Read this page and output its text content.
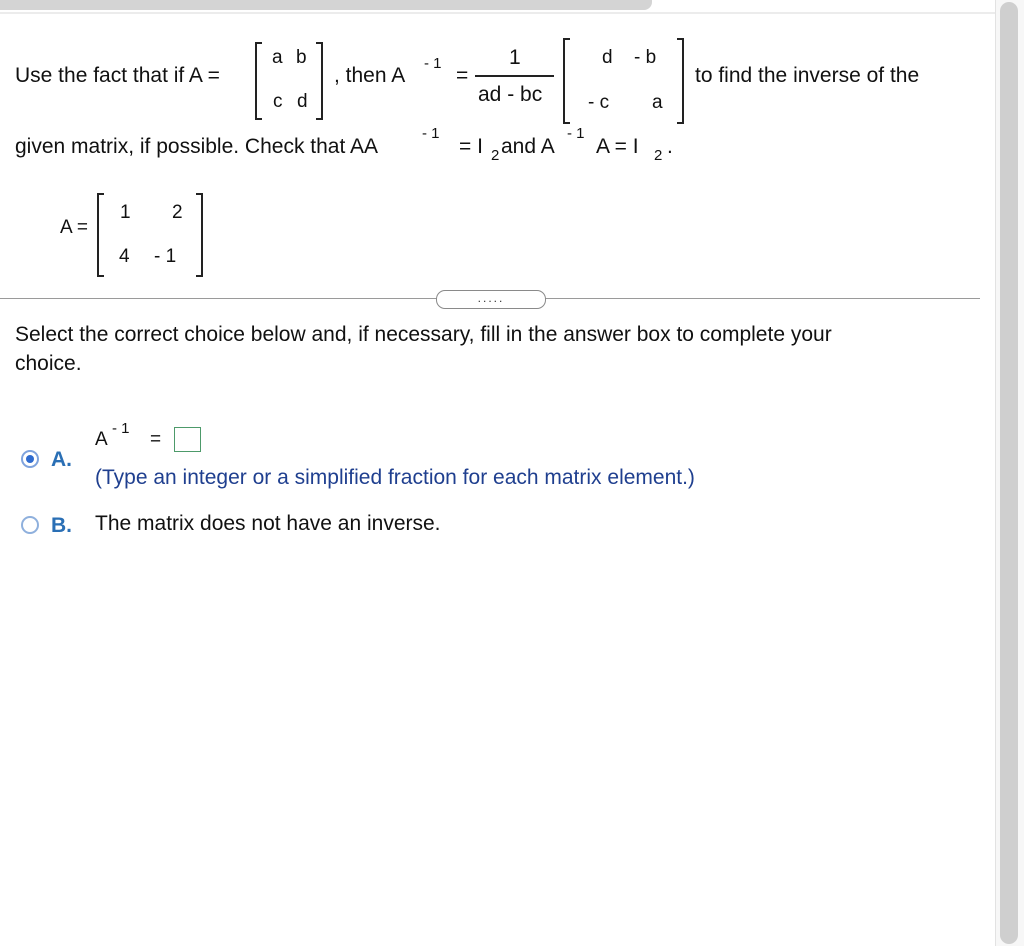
Use the fact that if A =
a b
c d
, then A
- 1
=
1
ad - bc
d - b
- c a
to find the inverse of the
given matrix, if possible. Check that AA
- 1
= I 2 and A
- 1
A = I 2 .
A =
1 2
4 - 1
.....
Select the correct choice below and, if necessary, fill in the answer box to complete your
choice.
A.
A
- 1
=
(Type an integer or a simplified fraction for each matrix element.)
B. The matrix does not have an inverse.
